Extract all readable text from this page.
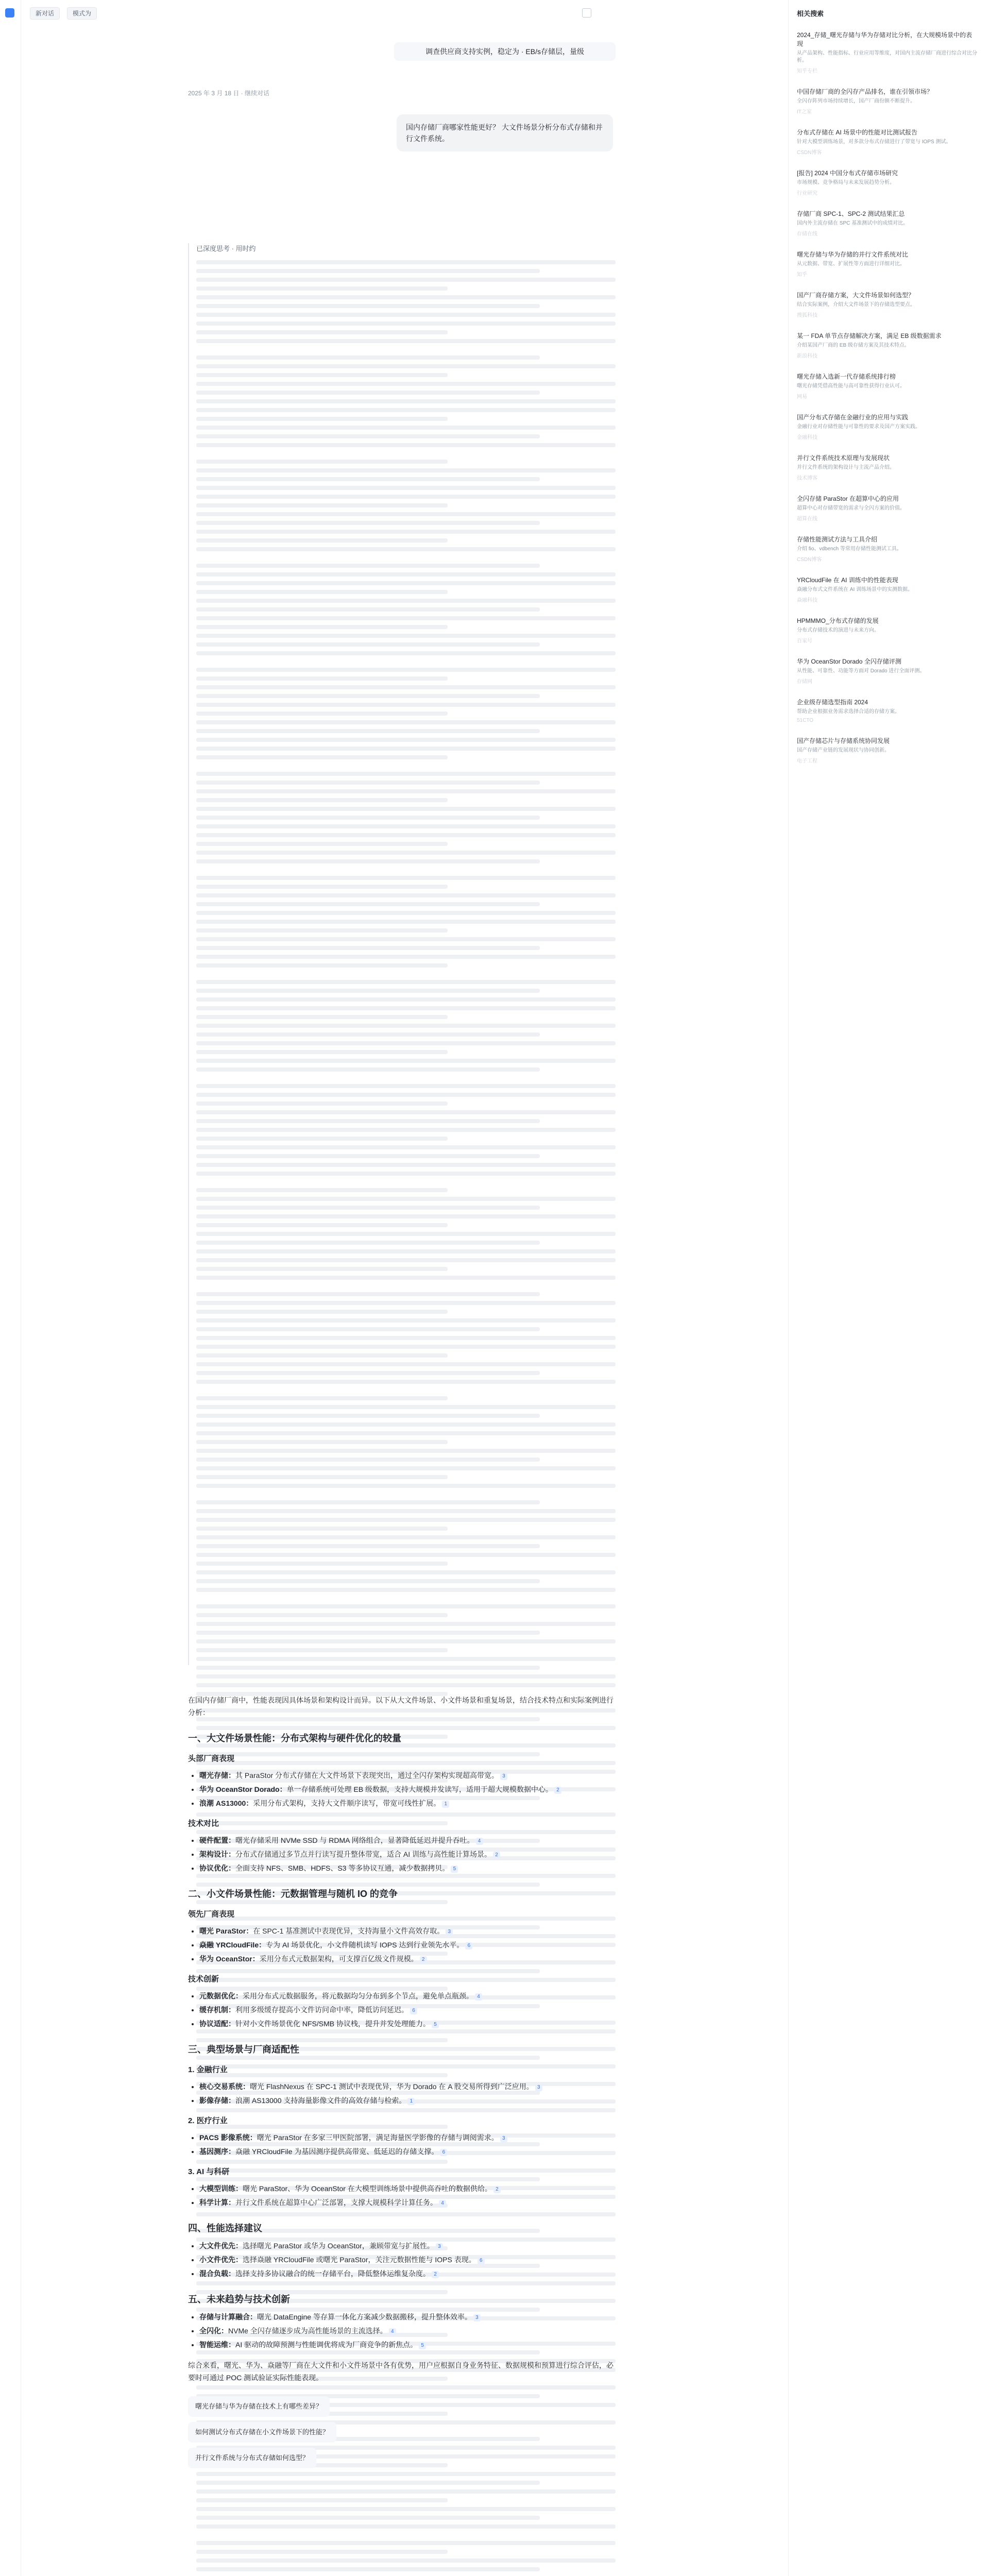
新对话	模式为
调查供应商支持实例，稳定为 · EB/s存储层，量级
2025 年 3 月 18 日 · 继续对话
国内存储厂商哪家性能更好？ 大文件场景分析分布式存储和并行文件系统。
已深度思考 · 用时约

在国内存储厂商中，性能表现因具体场景和架构设计而异。以下从大文件场景、小文件场景和重复场景，结合技术特点和实际案例进行分析：

一、大文件场景性能：分布式架构与硬件优化的较量
头部厂商表现
• 曙光存储：其 ParaStor 分布式存储在大文件场景下表现突出，通过全闪存架构实现超高带宽。 3
• 华为 OceanStor Dorado：单一存储系统可处理 EB 级数据，支持大规模并发读写，适用于超大规模数据中心。 2
• 浪潮 AS13000：采用分布式架构，支持大文件顺序读写，带宽可线性扩展。 1
技术对比
• 硬件配置：曙光存储采用 NVMe SSD 与 RDMA 网络组合，显著降低延迟并提升吞吐。 4
• 架构设计：分布式存储通过多节点并行读写提升整体带宽，适合 AI 训练与高性能计算场景。 2
• 协议优化：全面支持 NFS、SMB、HDFS、S3 等多协议互通，减少数据拷贝。 5
二、小文件场景性能：元数据管理与随机 IO 的竞争
领先厂商表现
• 曙光 ParaStor：在 SPC-1 基准测试中表现优异，支持海量小文件高效存取。 3
• 焱融 YRCloudFile：专为 AI 场景优化，小文件随机读写 IOPS 达到行业领先水平。 6
• 华为 OceanStor：采用分布式元数据架构，可支撑百亿级文件规模。 2
技术创新
• 元数据优化：采用分布式元数据服务，将元数据均匀分布到多个节点，避免单点瓶颈。 4
• 缓存机制：利用多级缓存提高小文件访问命中率，降低访问延迟。 6
• 协议适配：针对小文件场景优化 NFS/SMB 协议栈，提升并发处理能力。 5
三、典型场景与厂商适配性
1. 金融行业
• 核心交易系统：曙光 FlashNexus 在 SPC-1 测试中表现优异，华为 Dorado 在 A 股交易所得到广泛应用。 3
• 影像存储：浪潮 AS13000 支持海量影像文件的高效存储与检索。 1
2. 医疗行业
• PACS 影像系统：曙光 ParaStor 在多家三甲医院部署，满足海量医学影像的存储与调阅需求。 3
• 基因测序：焱融 YRCloudFile 为基因测序提供高带宽、低延迟的存储支撑。 6
3. AI 与科研
• 大模型训练：曙光 ParaStor、华为 OceanStor 在大模型训练场景中提供高吞吐的数据供给。 2
• 科学计算：并行文件系统在超算中心广泛部署，支撑大规模科学计算任务。 4
四、性能选择建议
• 大文件优先：选择曙光 ParaStor 或华为 OceanStor，兼顾带宽与扩展性。 3
• 小文件优先：选择焱融 YRCloudFile 或曙光 ParaStor，关注元数据性能与 IOPS 表现。 6
• 混合负载：选择支持多协议融合的统一存储平台，降低整体运维复杂度。 2
五、未来趋势与技术创新
• 存储与计算融合：曙光 DataEngine 等存算一体化方案减少数据搬移，提升整体效率。 3
• 全闪化：NVMe 全闪存储逐步成为高性能场景的主流选择。 4
• 智能运维：AI 驱动的故障预测与性能调优将成为厂商竞争的新焦点。 5

综合来看，曙光、华为、焱融等厂商在大文件和小文件场景中各有优势，用户应根据自身业务特征、数据规模和预算进行综合评估，必要时可通过 POC 测试验证实际性能表现。

曙光存储与华为存储在技术上有哪些差异？
如何测试分布式存储在小文件场景下的性能？
并行文件系统与分布式存储如何选型？
相关搜索
2024_存储_曙光存储与华为存储对比分析，在大规模场景中的表现
从产品架构、性能指标、行业应用等维度，对国内主流存储厂商进行综合对比分析。
知乎专栏
中国存储厂商的全闪存产品排名，谁在引领市场？
全闪存阵列市场持续增长，国产厂商份额不断提升。
IT之家
分布式存储在 AI 场景中的性能对比测试报告
针对大模型训练场景，对多款分布式存储进行了带宽与 IOPS 测试。
CSDN博客
[报告] 2024 中国分布式存储市场研究
市场规模、竞争格局与未来发展趋势分析。
行业研究
存储厂商 SPC-1、SPC-2 测试结果汇总
国内外主流存储在 SPC 基准测试中的成绩对比。
存储在线
曙光存储与华为存储的并行文件系统对比
从元数据、带宽、扩展性等方面进行详细对比。
知乎
国产厂商存储方案，大文件场景如何选型？
结合实际案例，介绍大文件场景下的存储选型要点。
搜狐科技
某一 FDA 单节点存储解决方案，满足 EB 级数据需求
介绍某国产厂商的 EB 级存储方案及其技术特点。
新浪科技
曙光存储入选新一代存储系统排行榜
曙光存储凭借高性能与高可靠性获得行业认可。
网易
国产分布式存储在金融行业的应用与实践
金融行业对存储性能与可靠性的要求及国产方案实践。
金融科技
并行文件系统技术原理与发展现状
并行文件系统的架构设计与主流产品介绍。
技术博客
全闪存储 ParaStor 在超算中心的应用
超算中心对存储带宽的需求与全闪方案的价值。
超算在线
存储性能测试方法与工具介绍
介绍 fio、vdbench 等常用存储性能测试工具。
CSDN博客
YRCloudFile 在 AI 训练中的性能表现
焱融分布式文件系统在 AI 训练场景中的实测数据。
焱融科技
HPMMMO_分布式存储的发展
分布式存储技术的演进与未来方向。
百家号
华为 OceanStor Dorado 全闪存储评测
从性能、可靠性、功能等方面对 Dorado 进行全面评测。
存储网
企业级存储选型指南 2024
帮助企业根据业务需求选择合适的存储方案。
51CTO
国产存储芯片与存储系统协同发展
国产存储产业链的发展现状与协同创新。
电子工程
